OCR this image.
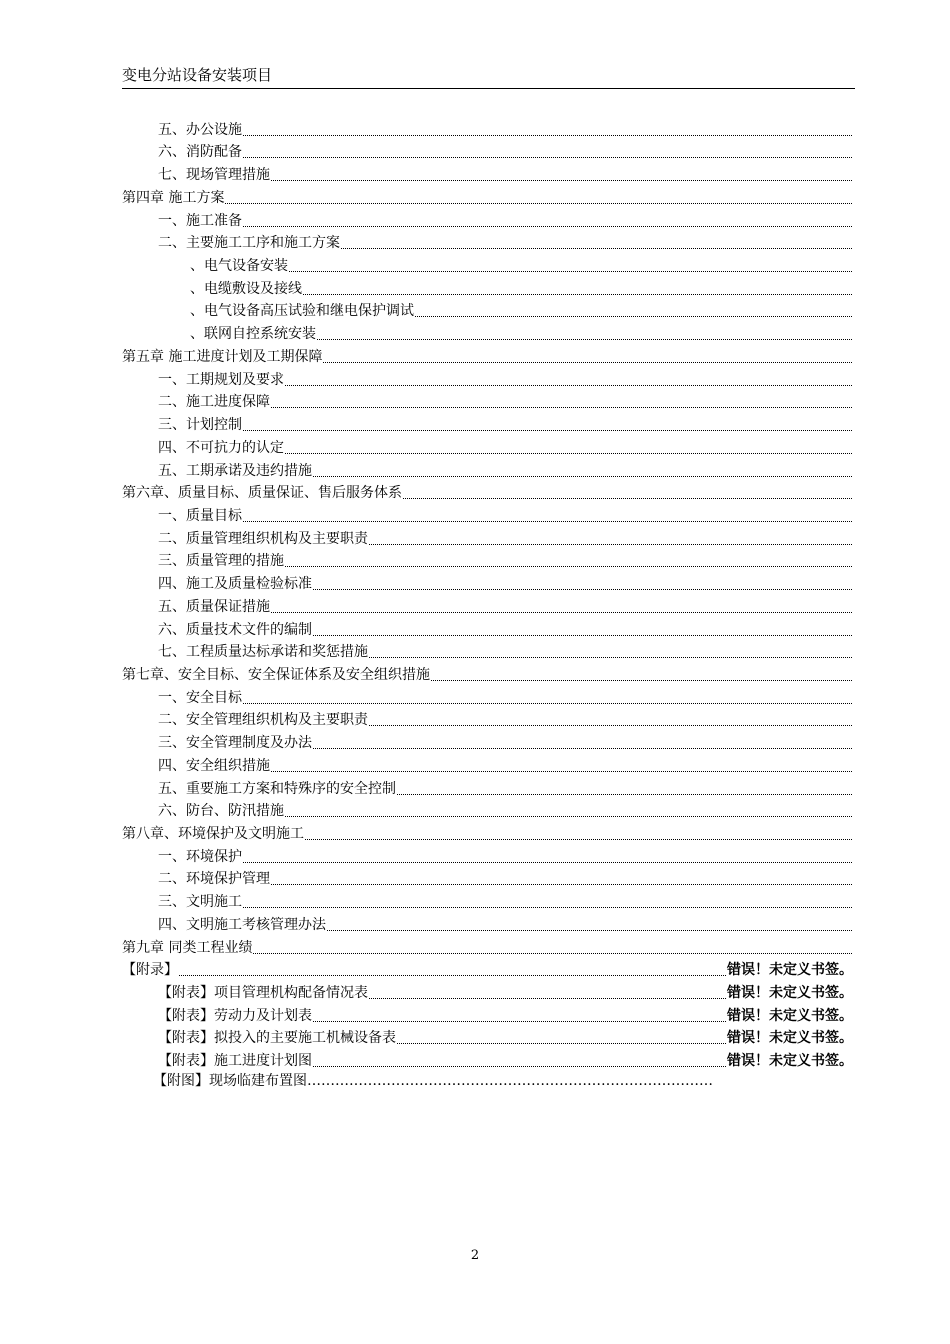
变电分站设备安装项目
五、办公设施
六、消防配备
七、现场管理措施
第四章 施工方案
一、施工准备
二、主要施工工序和施工方案
、电气设备安装
、电缆敷设及接线
、电气设备高压试验和继电保护调试
、联网自控系统安装
第五章 施工进度计划及工期保障
一、工期规划及要求
二、施工进度保障
三、计划控制
四、不可抗力的认定
五、工期承诺及违约措施
第六章、质量目标、质量保证、售后服务体系
一、质量目标
二、质量管理组织机构及主要职责
三、质量管理的措施
四、施工及质量检验标准
五、质量保证措施
六、质量技术文件的编制
七、工程质量达标承诺和奖惩措施
第七章、安全目标、安全保证体系及安全组织措施
一、安全目标
二、安全管理组织机构及主要职责
三、安全管理制度及办法
四、安全组织措施
五、重要施工方案和特殊序的安全控制
六、防台、防汛措施
第八章、环境保护及文明施工
一、环境保护
二、环境保护管理
三、文明施工
四、文明施工考核管理办法
第九章 同类工程业绩
【附录】	错误！未定义书签。
【附表】项目管理机构配备情况表	错误！未定义书签。
【附表】劳动力及计划表	错误！未定义书签。
【附表】拟投入的主要施工机械设备表	错误！未定义书签。
【附表】施工进度计划图	错误！未定义书签。
【附图】现场临建布置图……………………………………………………………………………
2
